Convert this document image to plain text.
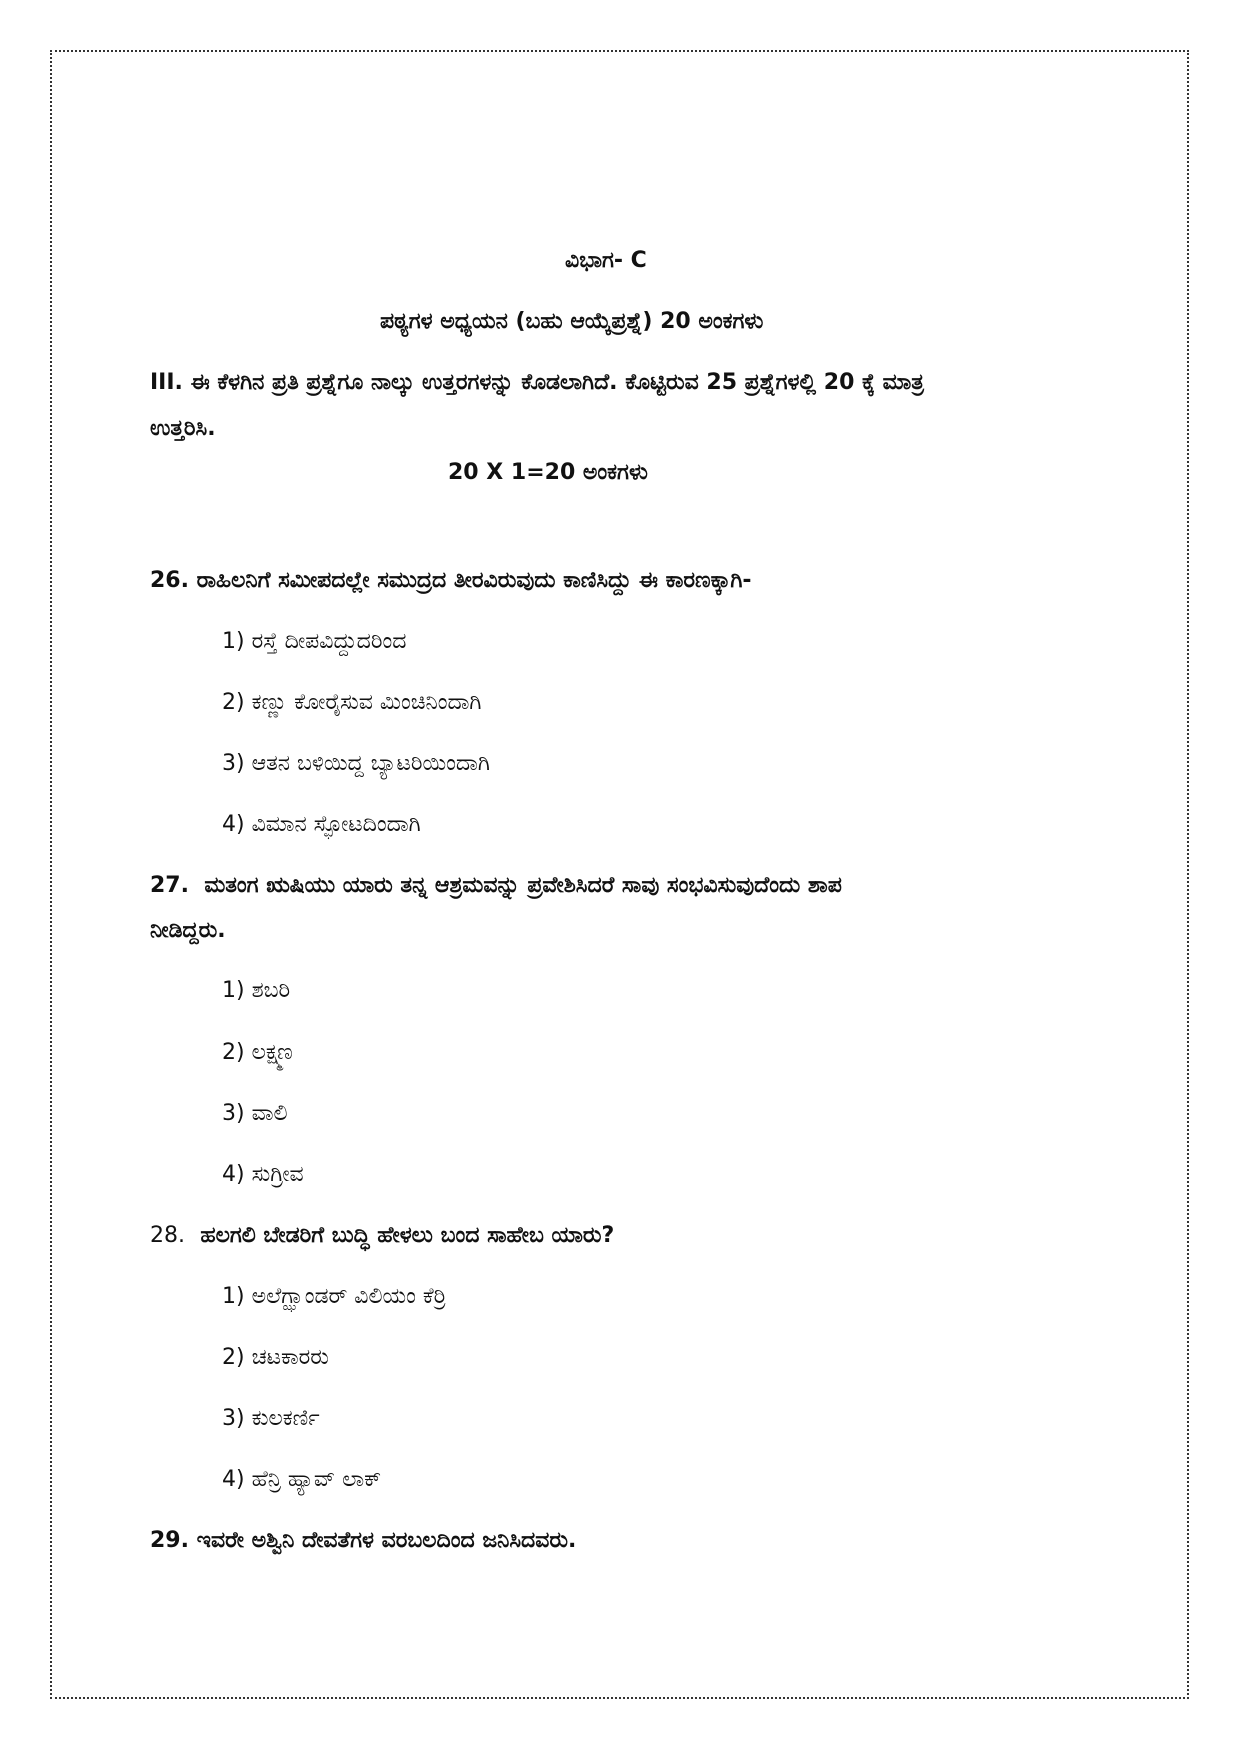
ವಿಭಾಗ- C
ಪಠ್ಯಗಳ ಅಧ್ಯಯನ (ಬಹು ಆಯ್ಕೆಪ್ರಶ್ನೆ) 20 ಅಂಕಗಳು
III. ಈ ಕೆಳಗಿನ ಪ್ರತಿ ಪ್ರಶ್ನೆಗೂ ನಾಲ್ಕು ಉತ್ತರಗಳನ್ನು ಕೊಡಲಾಗಿದೆ. ಕೊಟ್ಟಿರುವ 25 ಪ್ರಶ್ನೆಗಳಲ್ಲಿ 20 ಕ್ಕೆ ಮಾತ್ರ
ಉತ್ತರಿಸಿ.
20 X 1=20 ಅಂಕಗಳು
26. ರಾಹಿಲನಿಗೆ ಸಮೀಪದಲ್ಲೇ ಸಮುದ್ರದ ತೀರವಿರುವುದು ಕಾಣಿಸಿದ್ದು ಈ ಕಾರಣಕ್ಕಾಗಿ-
1) ರಸ್ತೆ ದೀಪವಿದ್ದುದರಿಂದ
2) ಕಣ್ಣು ಕೋರೈಸುವ ಮಿಂಚಿನಿಂದಾಗಿ
3) ಆತನ ಬಳಿಯಿದ್ದ ಬ್ಯಾಟರಿಯಿಂದಾಗಿ
4) ವಿಮಾನ ಸ್ಫೋಟದಿಂದಾಗಿ
27. ಮತಂಗ ಋಷಿಯು ಯಾರು ತನ್ನ ಆಶ್ರಮವನ್ನು ಪ್ರವೇಶಿಸಿದರೆ ಸಾವು ಸಂಭವಿಸುವುದೆಂದು ಶಾಪ
ನೀಡಿದ್ದರು.
1) ಶಬರಿ
2) ಲಕ್ಷ್ಮಣ
3) ವಾಲಿ
4) ಸುಗ್ರೀವ
28. ಹಲಗಲಿ ಬೇಡರಿಗೆ ಬುದ್ಧಿ ಹೇಳಲು ಬಂದ ಸಾಹೇಬ ಯಾರು?
1) ಅಲೆಗ್ಝಾಂಡರ್ ವಿಲಿಯಂ ಕೆರ್ರಿ
2) ಚಟಕಾರರು
3) ಕುಲಕರ್ಣಿ
4) ಹೆನ್ರಿ ಹ್ಯಾವ್ ಲಾಕ್
29. ಇವರೇ ಅಶ್ವಿನಿ ದೇವತೆಗಳ ವರಬಲದಿಂದ ಜನಿಸಿದವರು.
